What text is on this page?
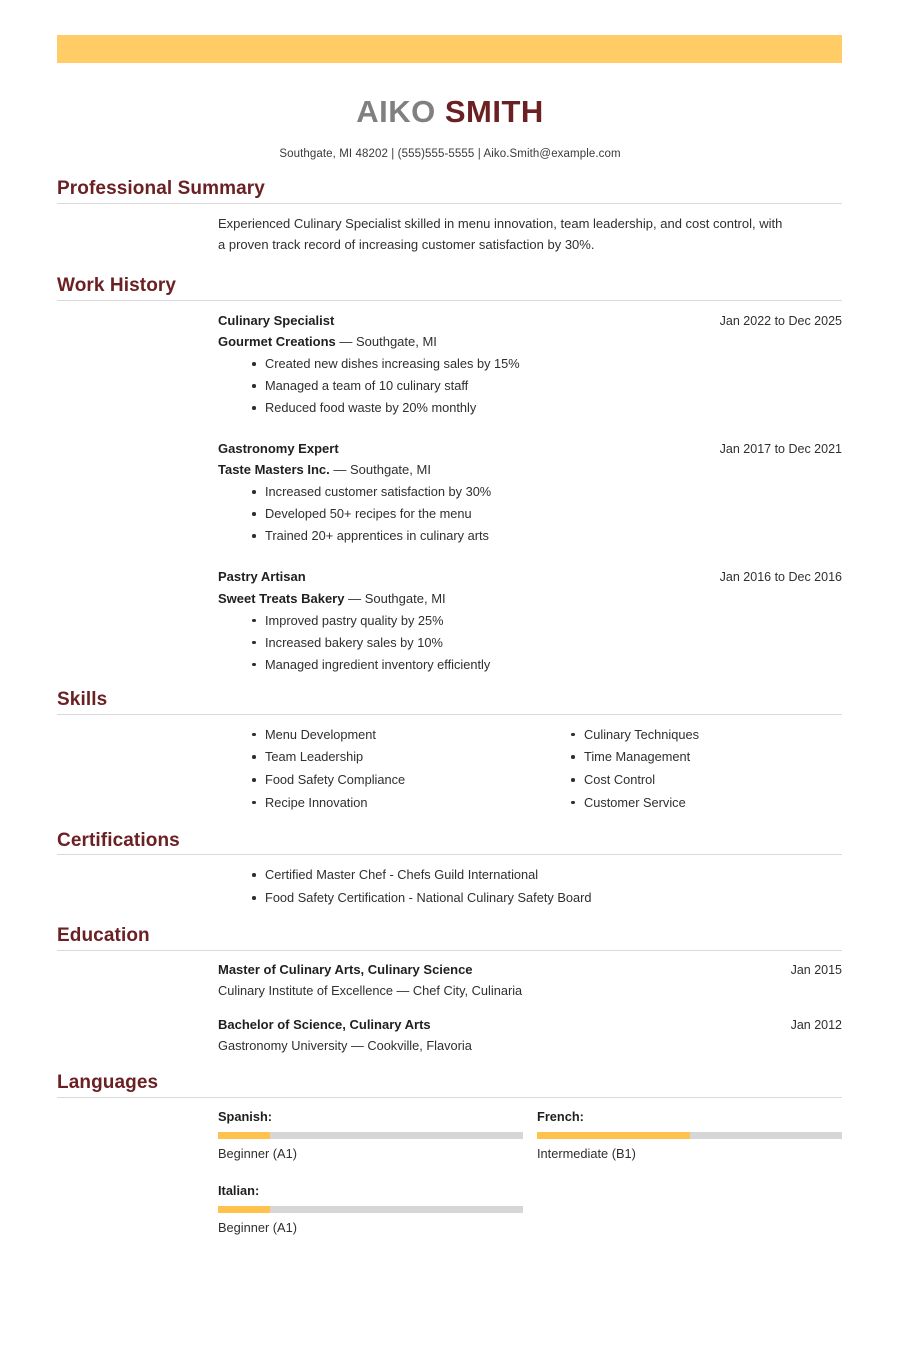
AIKO SMITH
Southgate, MI 48202 | (555)555-5555 | Aiko.Smith@example.com
Professional Summary
Experienced Culinary Specialist skilled in menu innovation, team leadership, and cost control, with a proven track record of increasing customer satisfaction by 30%.
Work History
Culinary Specialist	Jan 2022 to Dec 2025
Gourmet Creations — Southgate, MI
Created new dishes increasing sales by 15%
Managed a team of 10 culinary staff
Reduced food waste by 20% monthly
Gastronomy Expert	Jan 2017 to Dec 2021
Taste Masters Inc. — Southgate, MI
Increased customer satisfaction by 30%
Developed 50+ recipes for the menu
Trained 20+ apprentices in culinary arts
Pastry Artisan	Jan 2016 to Dec 2016
Sweet Treats Bakery — Southgate, MI
Improved pastry quality by 25%
Increased bakery sales by 10%
Managed ingredient inventory efficiently
Skills
Menu Development
Team Leadership
Food Safety Compliance
Recipe Innovation
Culinary Techniques
Time Management
Cost Control
Customer Service
Certifications
Certified Master Chef - Chefs Guild International
Food Safety Certification - National Culinary Safety Board
Education
Master of Culinary Arts, Culinary Science	Jan 2015
Culinary Institute of Excellence — Chef City, Culinaria
Bachelor of Science, Culinary Arts	Jan 2012
Gastronomy University — Cookville, Flavoria
Languages
Spanish:
Beginner (A1)
French:
Intermediate (B1)
Italian:
Beginner (A1)
